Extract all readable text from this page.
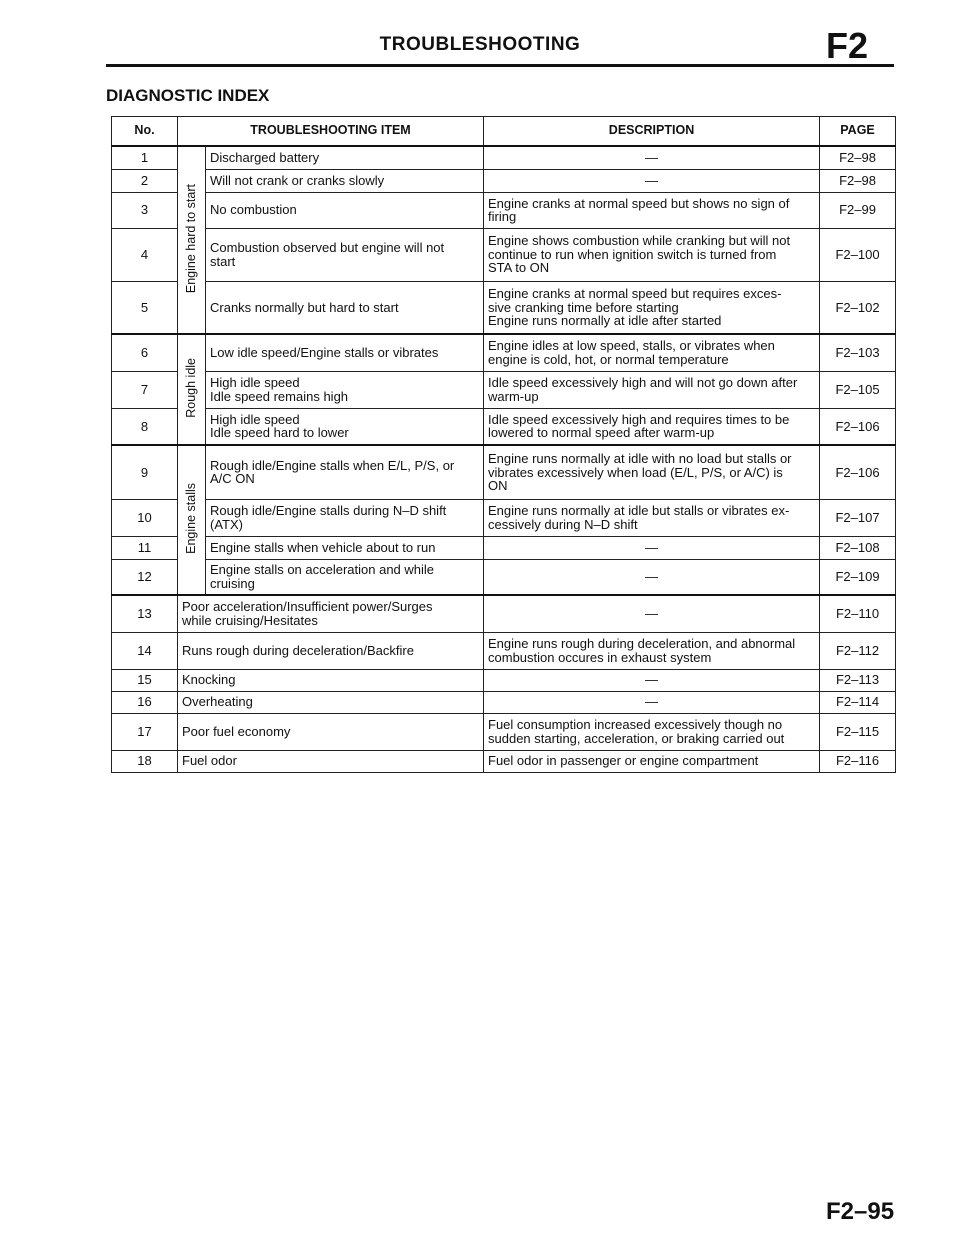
TROUBLESHOOTING	F2
DIAGNOSTIC INDEX
No.	TROUBLESHOOTING ITEM		DESCRIPTION	PAGE
1	Engine hard to start	Discharged battery	—	F2–98
2		Will not crank or cranks slowly	—	F2–98
3		No combustion	Engine cranks at normal speed but shows no sign of
firing	F2–99
4		Combustion observed but engine will not
start	Engine shows combustion while cranking but will not
continue to run when ignition switch is turned from
STA to ON	F2–100
5		Cranks normally but hard to start	Engine cranks at normal speed but requires exces-
sive cranking time before starting
Engine runs normally at idle after started	F2–102
6	Rough idle	Low idle speed/Engine stalls or vibrates	Engine idles at low speed, stalls, or vibrates when
engine is cold, hot, or normal temperature	F2–103
7		High idle speed
Idle speed remains high	Idle speed excessively high and will not go down after
warm-up	F2–105
8		High idle speed
Idle speed hard to lower	Idle speed excessively high and requires times to be
lowered to normal speed after warm-up	F2–106
9	Engine stalls	Rough idle/Engine stalls when E/L, P/S, or
A/C ON	Engine runs normally at idle with no load but stalls or
vibrates excessively when load (E/L, P/S, or A/C) is
ON	F2–106
10		Rough idle/Engine stalls during N–D shift
(ATX)	Engine runs normally at idle but stalls or vibrates ex-
cessively during N–D shift	F2–107
11		Engine stalls when vehicle about to run	—	F2–108
12		Engine stalls on acceleration and while
cruising	—	F2–109
13	Poor acceleration/Insufficient power/Surges
while cruising/Hesitates		—	F2–110
14	Runs rough during deceleration/Backfire		Engine runs rough during deceleration, and abnormal
combustion occures in exhaust system	F2–112
15	Knocking		—	F2–113
16	Overheating		—	F2–114
17	Poor fuel economy		Fuel consumption increased excessively though no
sudden starting, acceleration, or braking carried out	F2–115
18	Fuel odor		Fuel odor in passenger or engine compartment	F2–116
F2–95
